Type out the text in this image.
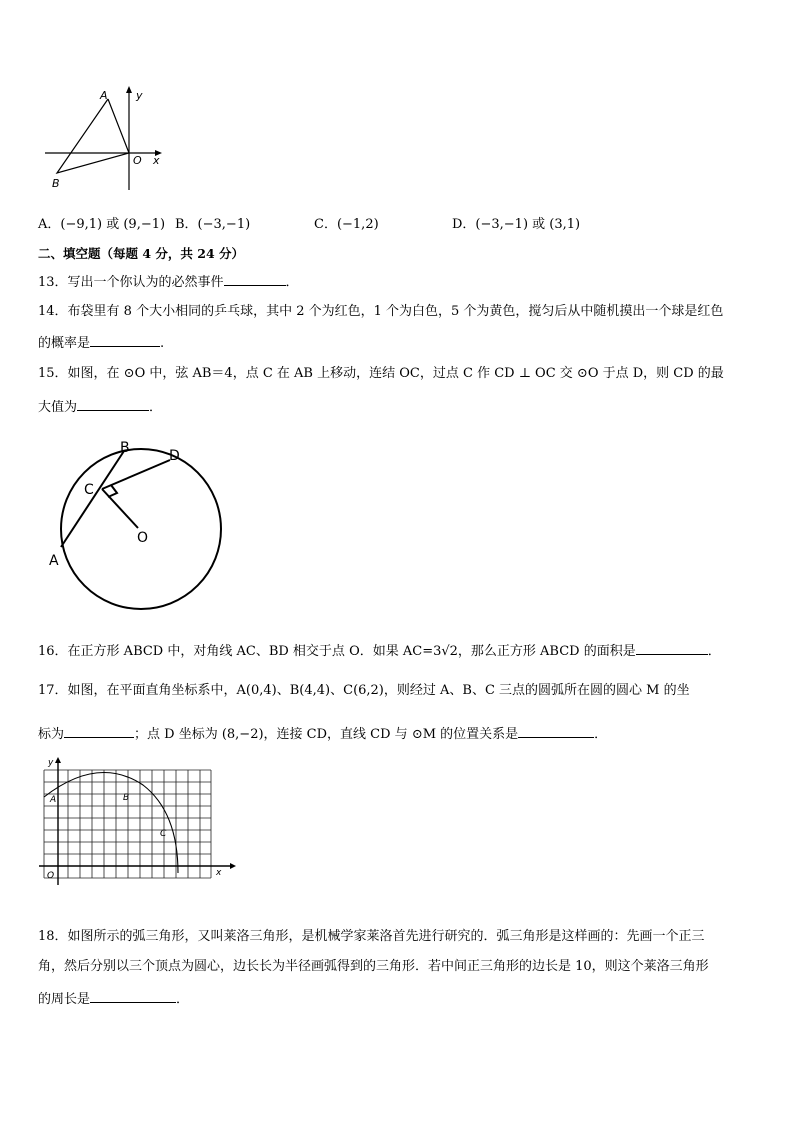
A
B
O x
y
A．(−9,1) 或 (9,−1) B．(−3,−1)	C．(−1,2)	D．(−3,−1) 或 (3,1)
二、填空题（每题 4 分，共 24 分）
13．写出一个你认为的必然事件	．
14．布袋里有 8 个大小相同的乒乓球，其中 2 个为红色，1 个为白色，5 个为黄色，搅匀后从中随机摸出一个球是红色
的概率是	.
15．如图，在 ⊙O 中，弦 AB＝4，点 C 在 AB 上移动，连结 OC，过点 C 作 CD ⊥ OC 交 ⊙O 于点 D，则 CD 的最
大值为	．
B	D
C
O
A
16．在正方形 ABCD 中，对角线 AC、BD 相交于点 O．如果 AC=3√2，那么正方形 ABCD 的面积是	．
17．如图，在平面直角坐标系中，A(0,4)、B(4,4)、C(6,2)，则经过 A、B、C 三点的圆弧所在圆的圆心 M 的坐
标为	；点 D 坐标为 (8,−2)，连接 CD，直线 CD 与 ⊙M 的位置关系是	．
A	B
C
O	x
y
18．如图所示的弧三角形，又叫莱洛三角形，是机械学家莱洛首先进行研究的．弧三角形是这样画的：先画一个正三
角，然后分别以三个顶点为圆心，边长长为半径画弧得到的三角形．若中间正三角形的边长是 10，则这个莱洛三角形
的周长是	．
